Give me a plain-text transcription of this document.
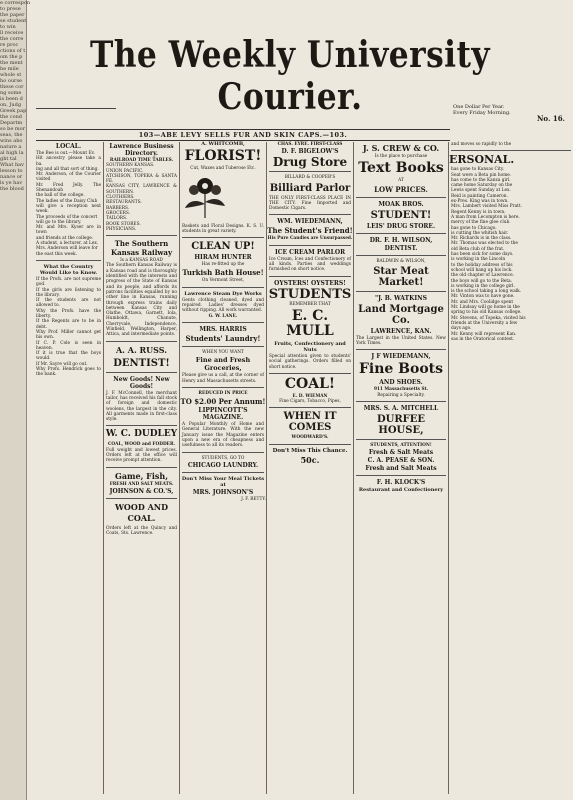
e correspon
to prese
the paper
se student
to win
ll receive
the corre
re proc
ctions of t
om the p
the ment
he mile
whole st
ho ourse
these cor
ng some
is been d
on, Judg
Greek pap
the cond
Departm
so be mor
seas, the
wins abo
nature a
al high la
ght tal
What hav
lesson to
nance or
ls ye hav
the blood
The Weekly University Courier.	One Dollar Per Year.
Every Friday Morning.
No. 16.
103—ABE LEVY SELLS FUR AND SKIN CAPS.—103.
LOCAL.
The Bee is out.—Mount Ev.
Hit ancestry please take a ba.
ing and all that sort of thing.
Mr. Anderson, of the Courier visited
Mr. Fred Jelly. The Shenandoah
the ball of the college.
The ladies of the Daisy Club
will give a reception next week.
The proceeds of the concert
will go to the library.
Mr. and Mrs. Kyser are in town
and friends at the college.
A student, a lecturer, at Lex.
Mrs. Anderson will leave for
the east this week.
What the Country Would Like to Know.
If the Profs. are not supreme god.
If the girls are listening to the library.
If the students are not allowed to.
Why the Profs. have the liberty.
If the Regents are to be in debt.
Why Prof. Miller cannot get his own.
If C. P. Cole is seen in heaven.
If it is true that the boys would.
If Mr. Sayre will go out.
Why Profs. Hendrick goes to the bank.
Lawrence Business Directory.
RAILROAD TIME TABLES.
SOUTHERN KANSAS.
UNION PACIFIC.
ATCHISON, TOPEKA & SANTA FE.
KANSAS CITY, LAWRENCE & SOUTHERN.
CLOTHIERS.
RESTAURANTS.
BARBERS.
GROCERS.
TAILORS.
BOOK STORES.
PHYSICIANS.
The Southern Kansas Railway
Is a KANSAS ROAD
The Southern Kansas Railway is a Kansas road and is thoroughly identified with the interests and progress of the State of Kansas and its people, and affords its patrons facilities equalled by no other line in Kansas, running through express trains daily between Kansas City and Olathe, Ottawa, Garnett, Iola, Humboldt, Chanute, Cherryvale, Independence, Winfield, Wellington, Harper, Attica, and intermediate points.
A. A. RUSS.
DENTIST!
New Goods! New Goods!
J. F. McConnell, the merchant tailor, has received his fall stock of foreign and domestic woolens, the largest in the city. All garments made in first-class style.
W. C. DUDLEY
COAL, WOOD and FODDER.
Full weight and lowest prices. Orders left at the office will receive prompt attention.
Game, Fish,
FRESH AND SALT MEATS.
JOHNSON & CO.'S,
WOOD AND COAL.
Orders left at the Quincy and Coats, Sts. Lawrence.
A. WHITCOMB,
FLORIST!
Cut, Waxes and Tuberose Etc.
Baskets and Floral Designs. K. S. U. students in great variety.
CLEAN UP!
HIRAM HUNTER
Has re-fitted up the
Turkish Bath House!
On Vermont Street,
Lawrence Steam Dye Works
Gents clothing cleaned, dyed and repaired. Ladies' dresses dyed without ripping. All work warranted.
G. W. LANE.
MRS. HARRIS
Students' Laundry!
WHEN YOU WANT
Fine and Fresh Groceries,
Please give us a call, at the corner of Henry and Massachusetts streets.
REDUCED IN PRICE
TO $2.00 Per Annum!
LIPPINCOTT'S MAGAZINE.
A Popular Monthly of Home and General Literature. With the new January issue the Magazine enters upon a new era of cheapness and usefulness to all its readers.
STUDENTS, GO TO
CHICAGO LAUNDRY.
Don't Miss Your Meal Tickets at
MRS. JOHNSON'S
J. F. BETTY.
CHAS. EYRE. FIRST-CLASS
D. F. BIGELOW'S
Drug Store
BILLARD & COOPER'S
Billiard Parlor
THE ONLY FIRST-CLASS PLACE IN THE CITY. Fine Imported and Domestic Cigars.
WM. WIEDEMANN,
The Student's Friend!
His Pure Candies are Unsurpassed.
ICE CREAM PARLOR
Ice Cream, Ices and Confectionery of all kinds. Parties and weddings furnished on short notice.
OYSTERS! OYSTERS!
STUDENTS
REMEMBER THAT
E. C. MULL
Fruits, Confectionery and Nuts
Special attention given to students' social gatherings. Orders filled on short notice.
COAL!
E. D. WIEMAN
Fine Cigars, Tobacco, Pipes,
WHEN IT COMES
WOODWARD'S.
Don't Miss This Chance.
50c.
J. S. CREW & CO.
Is the place to purchase
Text Books
AT
LOW PRICES.
MOAK BROS.
STUDENT!
LEIS' DRUG STORE.
DR. F. H. WILSON,
DENTIST.
BALDWIN & WILSON,
Star Meat Market!
"J. B. WATKINS
Land Mortgage Co.
LAWRENCE, KAN.
The Largest in the United States. New York Times.
J F WIEDEMANN,
Fine Boots
AND SHOES.
911 Massachusetts St.
Repairing a Specialty.
MRS. S. A. MITCHELL
DURFEE HOUSE,
STUDENTS, ATTENTION!
Fresh & Salt Meats
C. A. PEASE & SON.
Fresh and Salt Meats
F. H. KLOCK'S
Restaurant and Confectionery
and moves so rapidly to the
ERSONAL.
has gone to Kansas City.
Seat were a Beta pin home.
has come to the Kanza girl.
came home Saturday on the
Lewis spent Sunday at Lex.
Reid is painting Cameron.
ex-Pres. King was in town.
Mrs. Lambert visited Miss Pratt.
Regent Kenny is in town.
A man from Lecompton is here.
mercy of the fine glee club.
has gone to Chicago.
is cutting the whitish hair.
Mr. Richards is in the class.
Mr. Thomas was elected to the
old Beta club of the frat.
has been sick for some days.
is working in the Lincoln
to the holiday address of his
school will hang up his lock.
the old chapter of Lawrence.
the boys will go to the Beta.
is working in the college girl.
is the school taking a long walk.
Mr. Vinton was to have gone.
Mr. and Mrs. Coolidge spent
Mr. Lindsay will go home in the
spring to his old Kansas college.
Mr. Stevens, of Topeka, visited his
friends at the University a few
days ago.
Mr. Kenny will represent Kan.
sas in the Oratorical contest.
